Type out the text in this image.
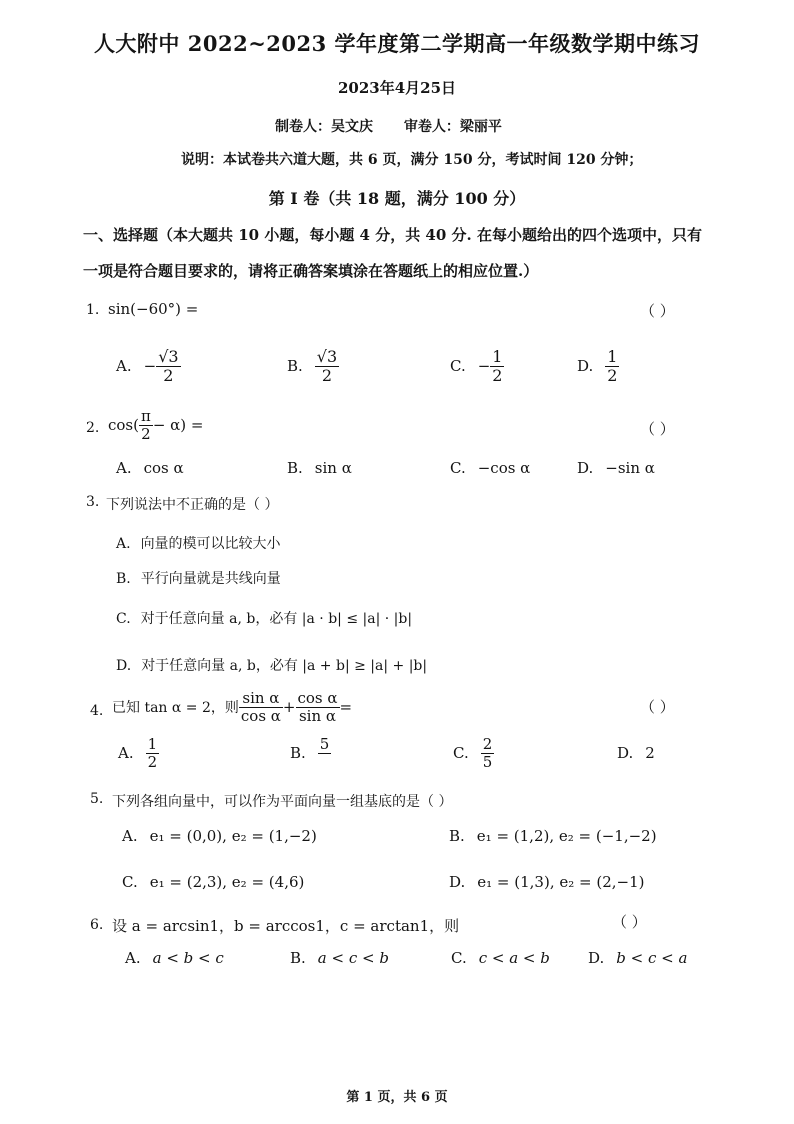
人大附中 2022~2023 学年度第二学期高一年级数学期中练习
2023年4月25日
制卷人：吴文庆 审卷人：梁丽平
说明：本试卷共六道大题，共 6 页，满分 150 分，考试时间 120 分钟；
第 I 卷（共 18 题，满分 100 分）
一、选择题（本大题共 10 小题，每小题 4 分，共 40 分. 在每小题给出的四个选项中，只有
一项是符合题目要求的，请将正确答案填涂在答题纸上的相应位置.）
1. sin(−60°) =	（ ）
A. − $\frac{√3}{2}$	B. $\frac{√3}{2}$	C. − $\frac{1}{2}$	D. $\frac{1}{2}$
2. $\cos( \frac{\pi}{2} - \alpha)$ =	（ ）
A. cos α	B. sin α	C. −cos α	D. −sin α
3. 下列说法中不正确的是（ ）
A. 向量的模可以比较大小
B. 平行向量就是共线向量
C. 对于任意向量 a, b，必有 |a · b| ≤ |a| · |b|
D. 对于任意向量 a, b，必有 |a + b| ≥ |a| + |b|
4. 已知 tan α = 2，则 $\frac{\text{sin α}}{\text{cos α}} + \frac{\text{cos α}}{\text{sin α}}$ =	（ ）
A. $\frac{1}{2}$	B. 5
	C. $\frac{2}{5}$	D. 2
5. 下列各组向量中，可以作为平面向量一组基底的是（ ）
A. e₁ = (0,0), e₂ = (1,−2)	B. e₁ = (1,2), e₂ = (−1,−2)
C. e₁ = (2,3), e₂ = (4,6)	D. e₁ = (1,3), e₂ = (2,−1)
6. 设 a = arcsin1，b = arccos1，c = arctan1，则	（ ）
A. a < b < c	B. a < c < b	C. c < a < b	D. b < c < a
第 1 页，共 6 页
